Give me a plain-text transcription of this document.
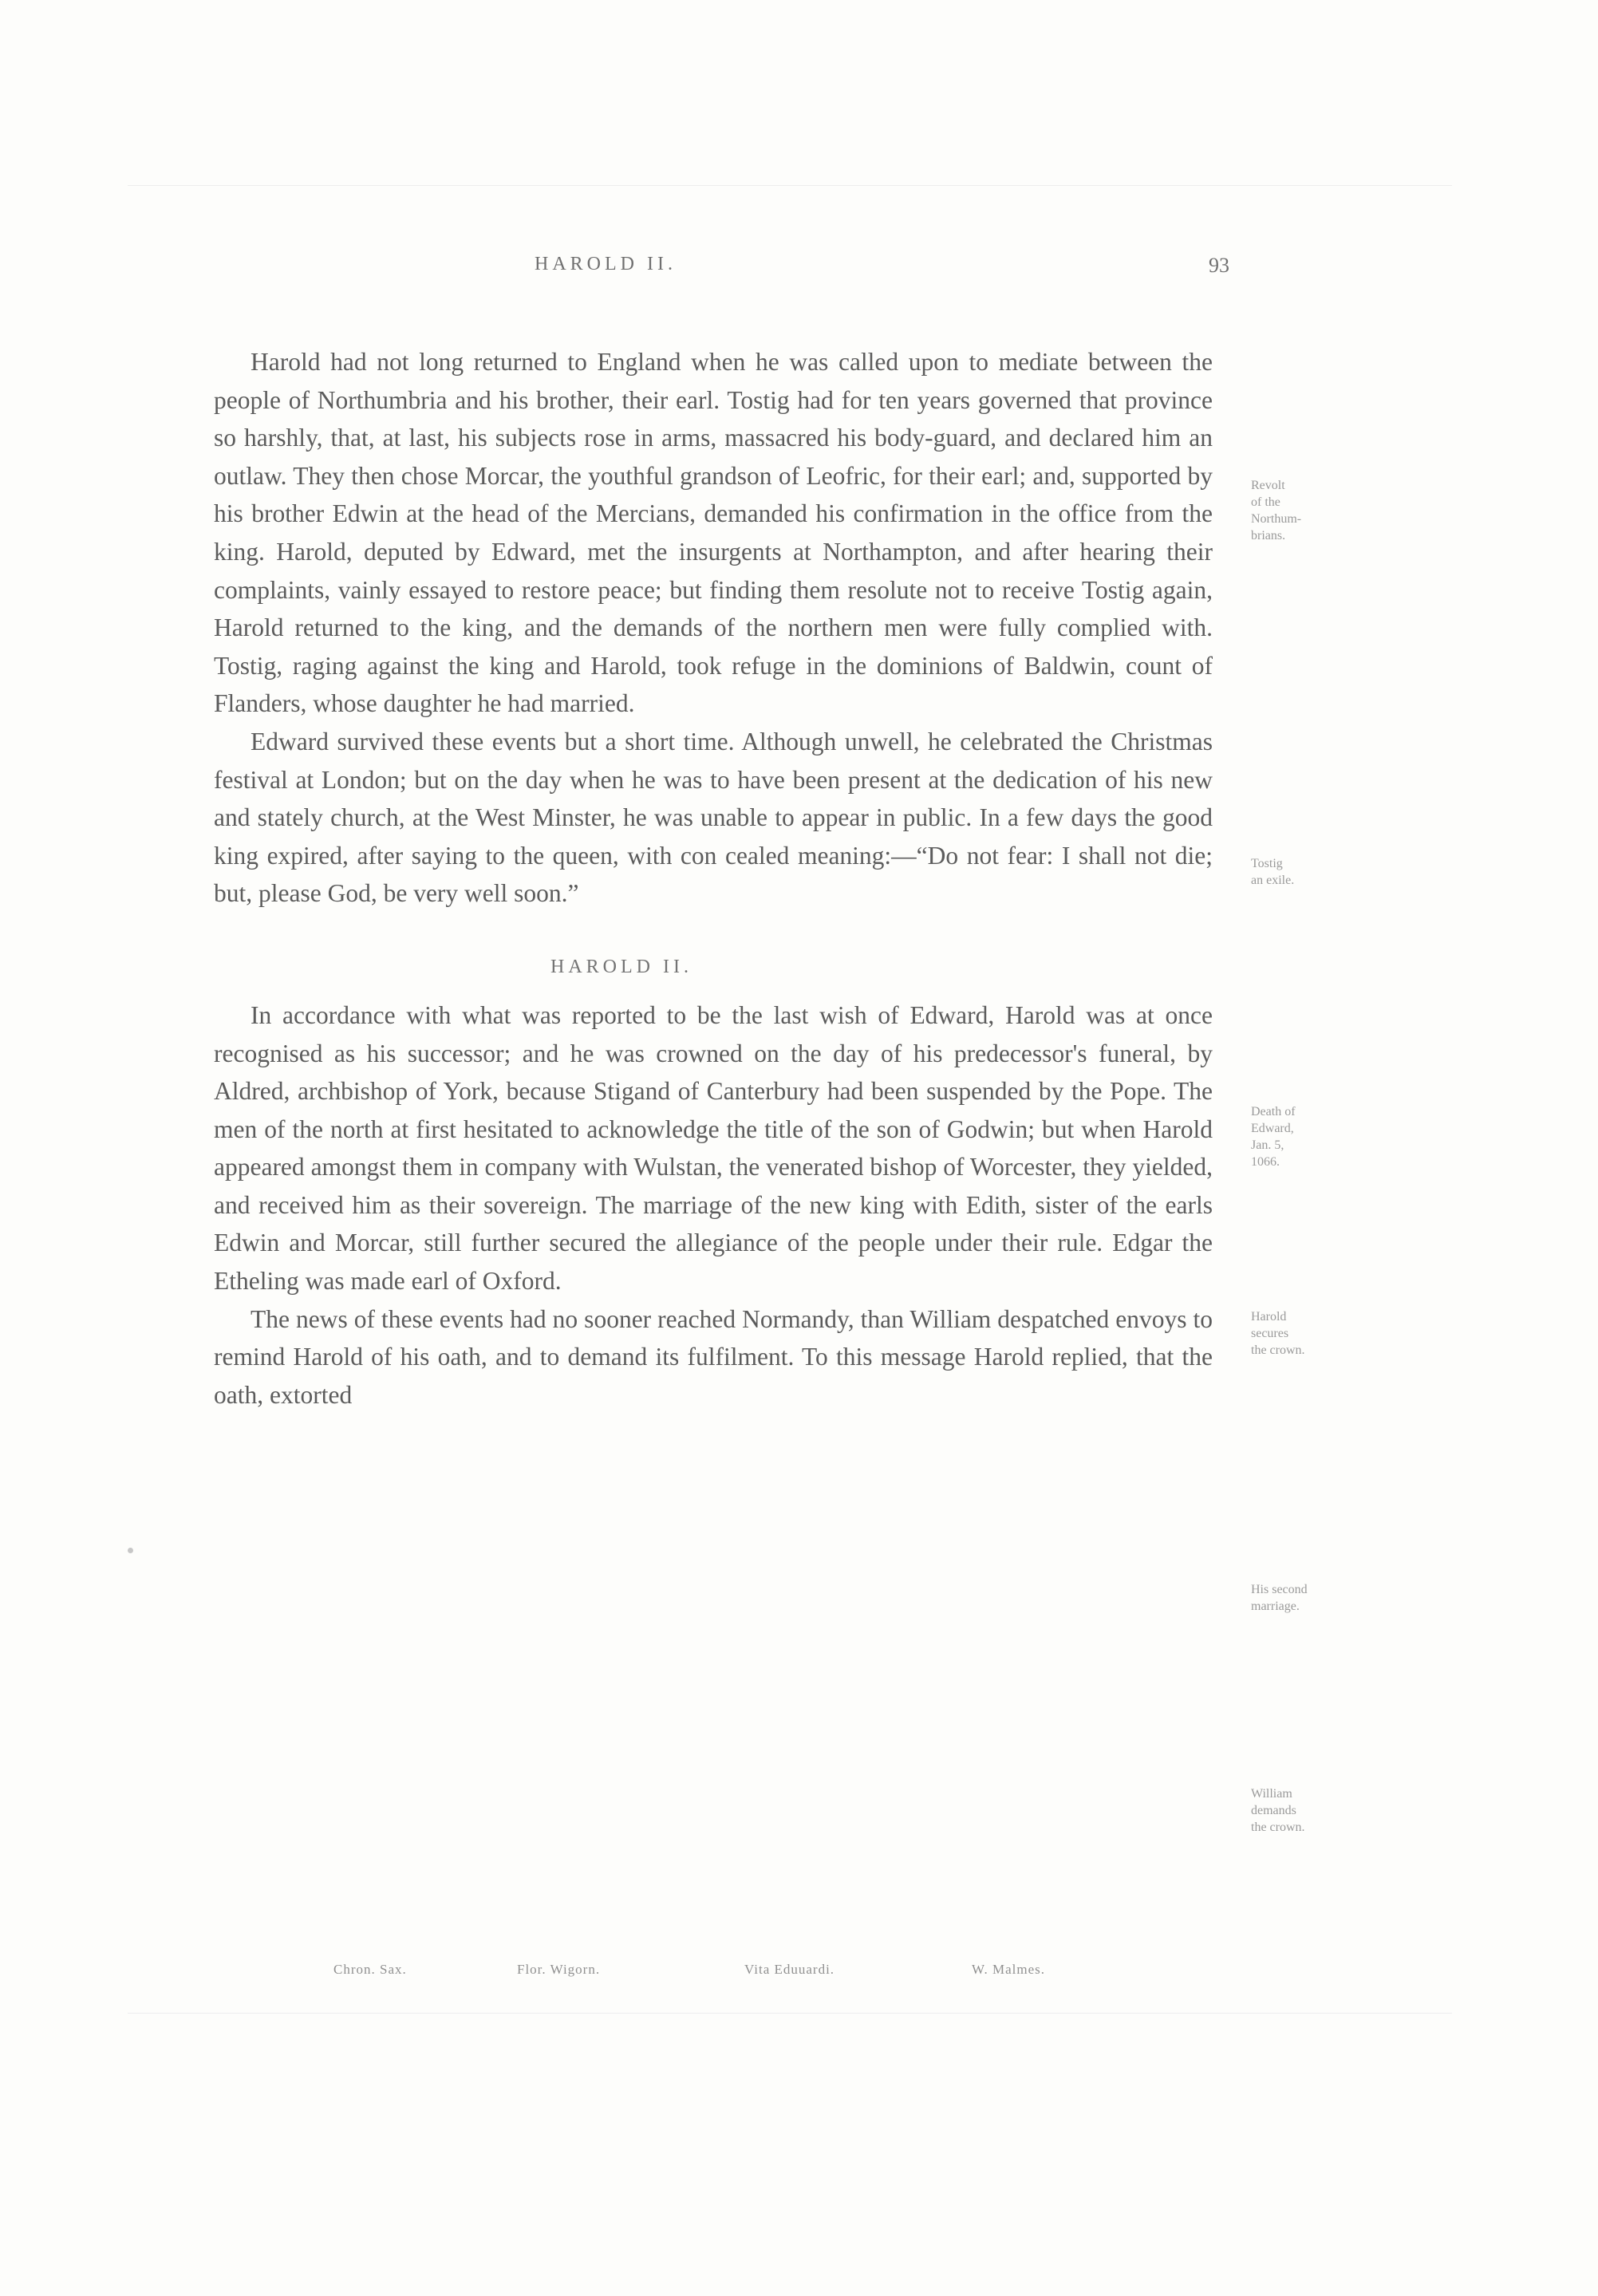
HAROLD II.	93

Harold had not long returned to England when he was called upon to mediate between the people of Northumbria and his brother, their earl. Tostig had for ten years governed that province so harshly, that, at last, his subjects rose in arms, massacred his body-guard, and declared him an outlaw. They then chose Morcar, the youthful grandson of Leofric, for their earl; and, supported by his brother Edwin at the head of the Mercians, demanded his confirmation in the office from the king. Harold, deputed by Edward, met the insurgents at Northampton, and after hearing their complaints, vainly essayed to restore peace; but finding them resolute not to receive Tostig again, Harold returned to the king, and the demands of the northern men were fully complied with. Tostig, raging against the king and Harold, took refuge in the dominions of Baldwin, count of Flanders, whose daughter he had married.

Edward survived these events but a short time. Although unwell, he celebrated the Christmas festival at London; but on the day when he was to have been present at the dedication of his new and stately church, at the West Minster, he was unable to appear in public. In a few days the good king expired, after saying to the queen, with con cealed meaning:—“Do not fear: I shall not die; but, please God, be very well soon.”

HAROLD II.

In accordance with what was reported to be the last wish of Edward, Harold was at once recognised as his successor; and he was crowned on the day of his predecessor's funeral, by Aldred, archbishop of York, because Stigand of Canterbury had been suspended by the Pope. The men of the north at first hesitated to acknowledge the title of the son of Godwin; but when Harold appeared amongst them in company with Wulstan, the venerated bishop of Worcester, they yielded, and received him as their sovereign. The marriage of the new king with Edith, sister of the earls Edwin and Morcar, still further secured the allegiance of the people under their rule. Edgar the Etheling was made earl of Oxford.

The news of these events had no sooner reached Normandy, than William despatched envoys to remind Harold of his oath, and to demand its fulfilment. To this message Harold replied, that the oath, extorted

Revolt
of the
Northum-
brians.
Tostig
an exile.
Death of
Edward,
Jan. 5,
1066.
Harold
secures
the crown.
His second
marriage.
William
demands
the crown.
Chron. Sax.	Flor. Wigorn.	Vita Eduuardi.	W. Malmes.
